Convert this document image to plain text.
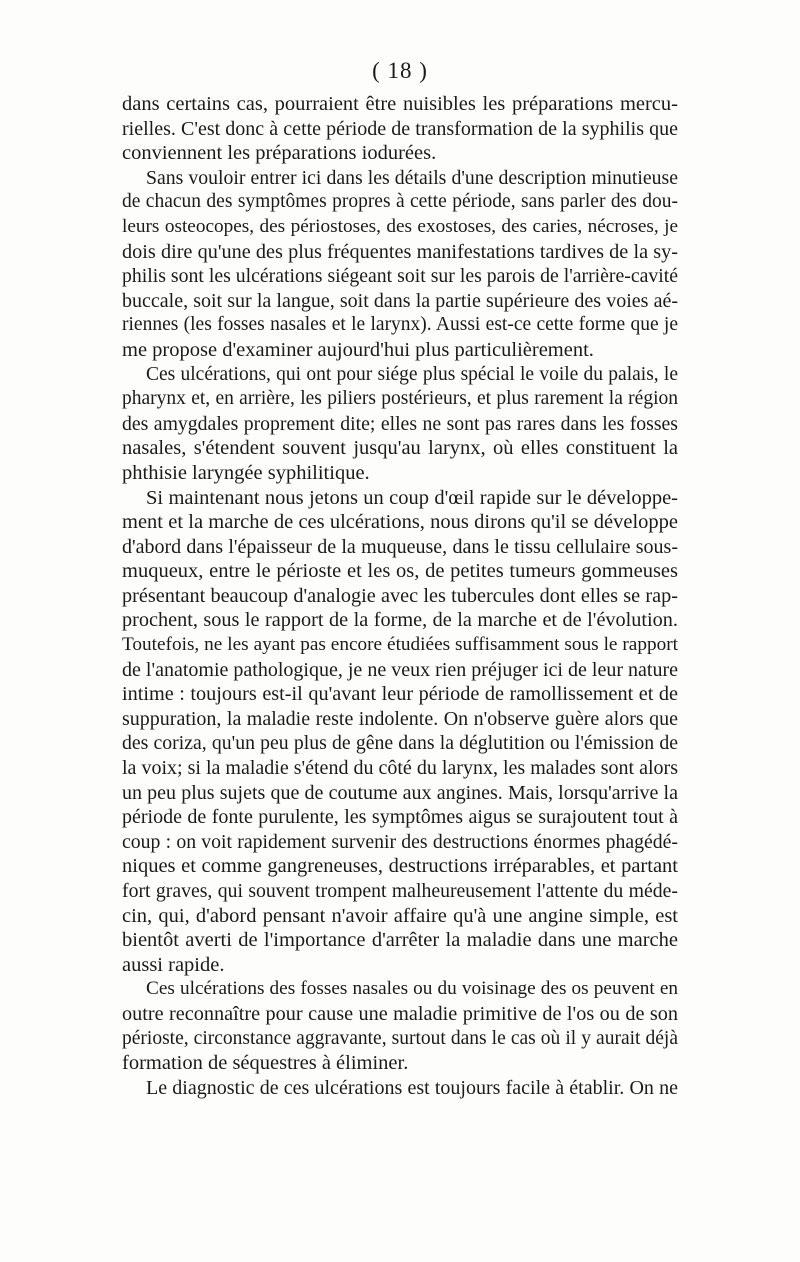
( 18 )
dans certains cas, pourraient être nuisibles les préparations mercu-
rielles. C'est donc à cette période de transformation de la syphilis que
conviennent les préparations iodurées.
Sans vouloir entrer ici dans les détails d'une description minutieuse
de chacun des symptômes propres à cette période, sans parler des dou-
leurs osteocopes, des périostoses, des exostoses, des caries, nécroses, je
dois dire qu'une des plus fréquentes manifestations tardives de la sy-
philis sont les ulcérations siégeant soit sur les parois de l'arrière-cavité
buccale, soit sur la langue, soit dans la partie supérieure des voies aé-
riennes (les fosses nasales et le larynx). Aussi est-ce cette forme que je
me propose d'examiner aujourd'hui plus particulièrement.
Ces ulcérations, qui ont pour siége plus spécial le voile du palais, le
pharynx et, en arrière, les piliers postérieurs, et plus rarement la région
des amygdales proprement dite; elles ne sont pas rares dans les fosses
nasales, s'étendent souvent jusqu'au larynx, où elles constituent la
phthisie laryngée syphilitique.
Si maintenant nous jetons un coup d'œil rapide sur le développe-
ment et la marche de ces ulcérations, nous dirons qu'il se développe
d'abord dans l'épaisseur de la muqueuse, dans le tissu cellulaire sous-
muqueux, entre le périoste et les os, de petites tumeurs gommeuses
présentant beaucoup d'analogie avec les tubercules dont elles se rap-
prochent, sous le rapport de la forme, de la marche et de l'évolution.
Toutefois, ne les ayant pas encore étudiées suffisamment sous le rapport
de l'anatomie pathologique, je ne veux rien préjuger ici de leur nature
intime : toujours est-il qu'avant leur période de ramollissement et de
suppuration, la maladie reste indolente. On n'observe guère alors que
des coriza, qu'un peu plus de gêne dans la déglutition ou l'émission de
la voix; si la maladie s'étend du côté du larynx, les malades sont alors
un peu plus sujets que de coutume aux angines. Mais, lorsqu'arrive la
période de fonte purulente, les symptômes aigus se surajoutent tout à
coup : on voit rapidement survenir des destructions énormes phagédé-
niques et comme gangreneuses, destructions irréparables, et partant
fort graves, qui souvent trompent malheureusement l'attente du méde-
cin, qui, d'abord pensant n'avoir affaire qu'à une angine simple, est
bientôt averti de l'importance d'arrêter la maladie dans une marche
aussi rapide.
Ces ulcérations des fosses nasales ou du voisinage des os peuvent en
outre reconnaître pour cause une maladie primitive de l'os ou de son
périoste, circonstance aggravante, surtout dans le cas où il y aurait déjà
formation de séquestres à éliminer.
Le diagnostic de ces ulcérations est toujours facile à établir. On ne
